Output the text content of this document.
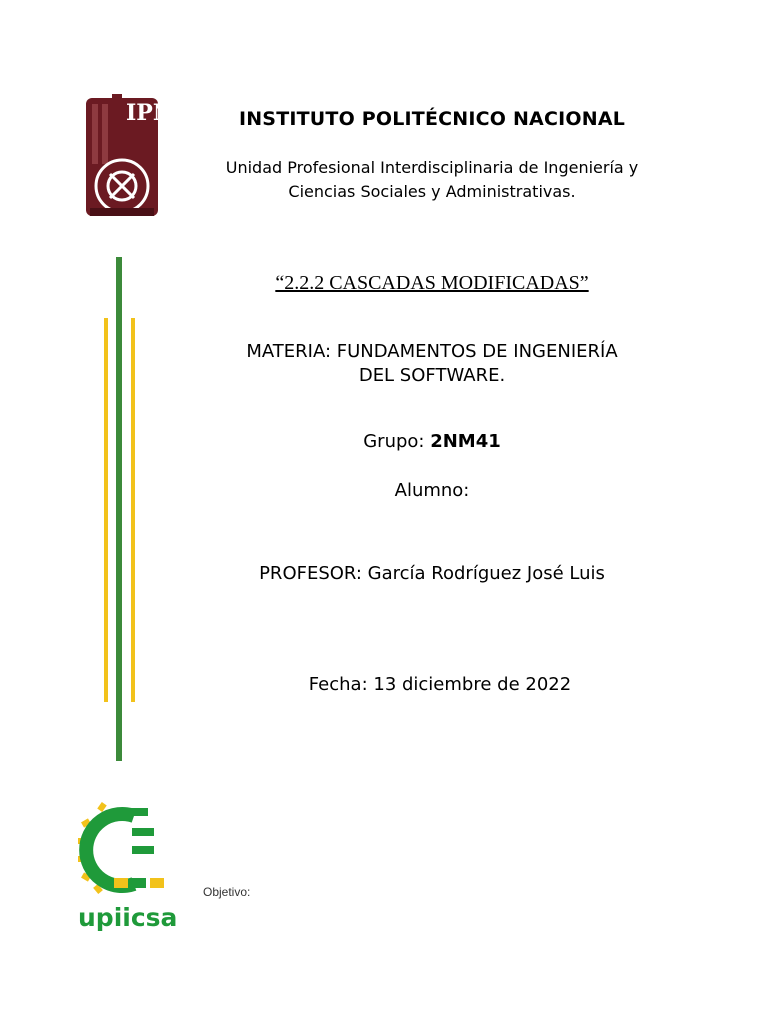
IPN	INSTITUTO POLITÉCNICO NACIONAL
Unidad Profesional Interdisciplinaria de Ingeniería y
Ciencias Sociales y Administrativas.
“2.2.2 CASCADAS MODIFICADAS”
MATERIA: FUNDAMENTOS DE INGENIERÍA
DEL SOFTWARE.
Grupo: 2NM41
Alumno:
PROFESOR: García Rodríguez José Luis
Fecha: 13 diciembre de 2022
upiicsa
Objetivo:
